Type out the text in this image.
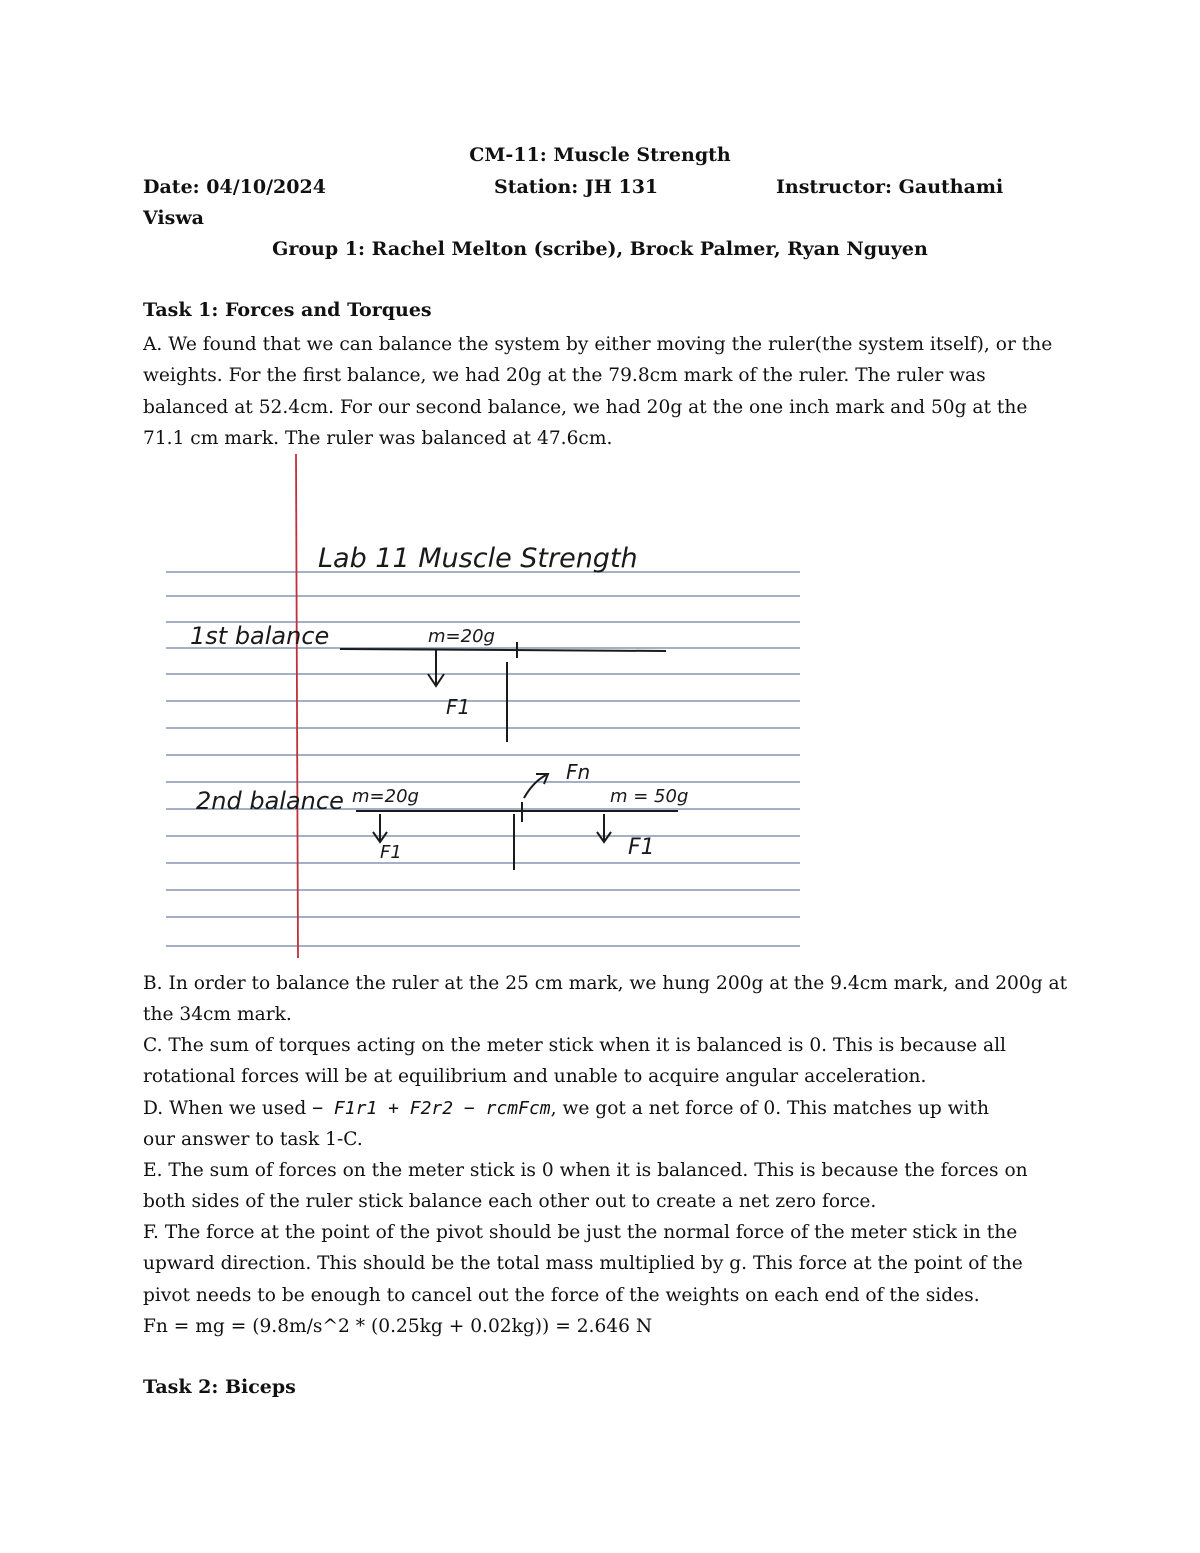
CM-11: Muscle Strength
Date: 04/10/2024	Station: JH 131	Instructor: Gauthami
Viswa
Group 1: Rachel Melton (scribe), Brock Palmer, Ryan Nguyen
Task 1: Forces and Torques

A. We found that we can balance the system by either moving the ruler(the system itself), or the

weights. For the first balance, we had 20g at the 79.8cm mark of the ruler. The ruler was

balanced at 52.4cm. For our second balance, we had 20g at the one inch mark and 50g at the

71.1 cm mark. The ruler was balanced at 47.6cm.

Lab 11 Muscle Strength
1st balance	m=20g
F1
2nd balance m=20g
F1
Fn
m = 50g
F1

B. In order to balance the ruler at the 25 cm mark, we hung 200g at the 9.4cm mark, and 200g at

the 34cm mark.

C. The sum of torques acting on the meter stick when it is balanced is 0. This is because all

rotational forces will be at equilibrium and unable to acquire angular acceleration.

D. When we used − F1r1 + F2r2 − rcmFcm, we got a net force of 0. This matches up with

our answer to task 1-C.

E. The sum of forces on the meter stick is 0 when it is balanced. This is because the forces on

both sides of the ruler stick balance each other out to create a net zero force.

F. The force at the point of the pivot should be just the normal force of the meter stick in the

upward direction. This should be the total mass multiplied by g. This force at the point of the

pivot needs to be enough to cancel out the force of the weights on each end of the sides.

Fn = mg = (9.8m/s^2 * (0.25kg + 0.02kg)) = 2.646 N

Task 2: Biceps
